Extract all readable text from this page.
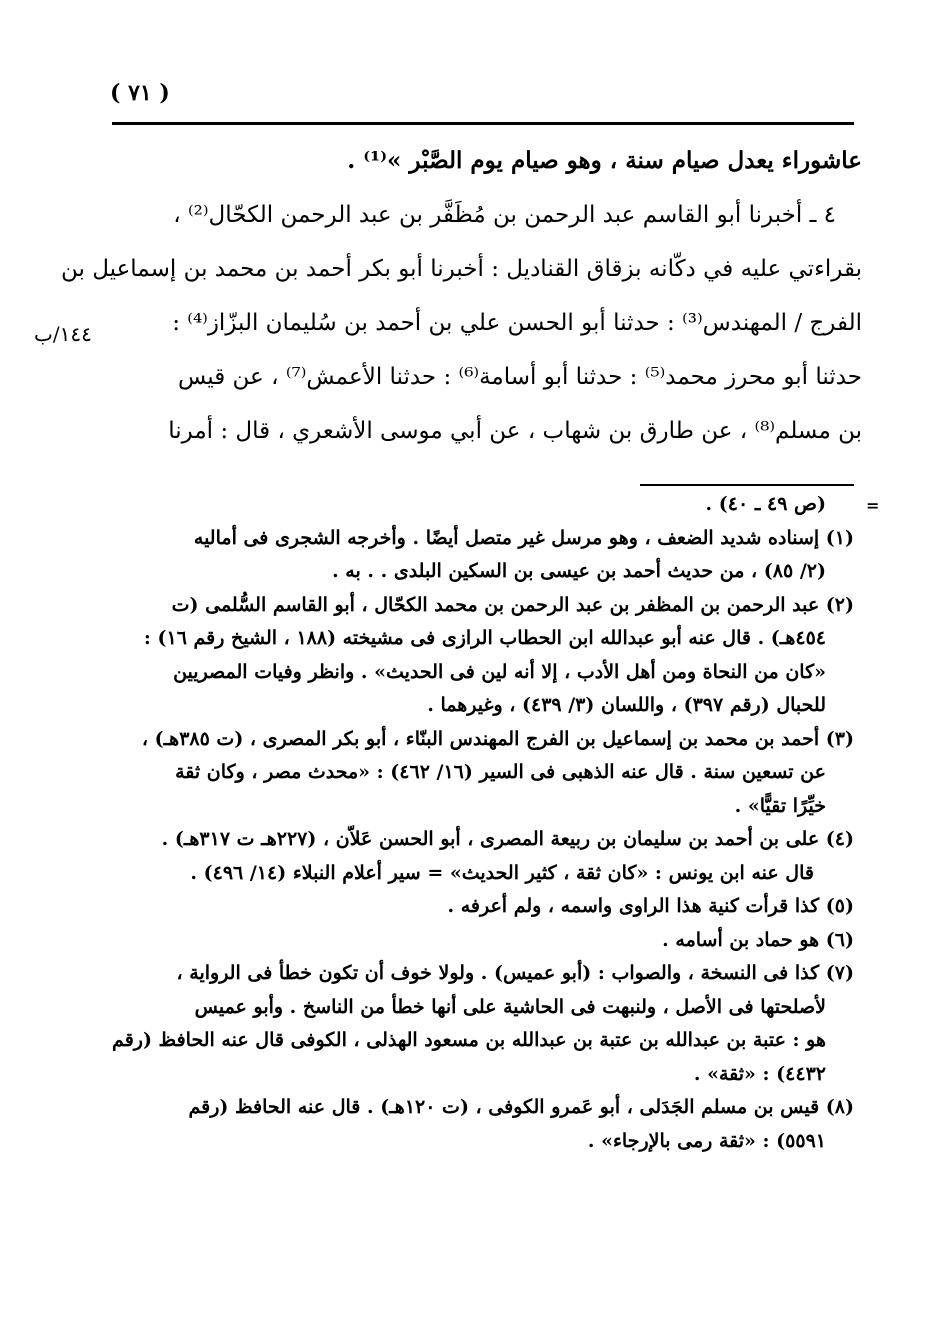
( ٧١ )
عاشوراء يعدل صيام سنة ، وهو صيام يوم الصَّبْر »⁽¹⁾ .
٤ ـ أخبرنا أبو القاسم عبد الرحمن بن مُظَفَّر بن عبد الرحمن الكحّال⁽²⁾ ،
بقراءتي عليه في دكّانه بزقاق القناديل : أخبرنا أبو بكر أحمد بن محمد بن إسماعيل بن
الفرج / المهندس⁽³⁾ : حدثنا أبو الحسن علي بن أحمد بن سُليمان البزّاز⁽⁴⁾ :
حدثنا أبو محرز محمد⁽⁵⁾ : حدثنا أبو أسامة⁽⁶⁾ : حدثنا الأعمش⁽⁷⁾ ، عن قيس
بن مسلم⁽⁸⁾ ، عن طارق بن شهاب ، عن أبي موسى الأشعري ، قال : أمرنا
١٤٤/ب
=
(ص ٤٩ ـ ٤٠) .
(١) إسناده شديد الضعف ، وهو مرسل غير متصل أيضًا . وأخرجه الشجرى فى أماليه
(٢/ ٨٥) ، من حديث أحمد بن عيسى بن السكين البلدى . . به .
(٢) عبد الرحمن بن المظفر بن عبد الرحمن بن محمد الكحّال ، أبو القاسم السُّلمى (ت
٤٥٤هـ) . قال عنه أبو عبدالله ابن الحطاب الرازى فى مشيخته (١٨٨ ، الشيخ رقم ١٦) :
«كان من النحاة ومن أهل الأدب ، إلا أنه لين فى الحديث» . وانظر وفيات المصريين
للحبال (رقم ٣٩٧) ، واللسان (٣/ ٤٣٩) ، وغيرهما .
(٣) أحمد بن محمد بن إسماعيل بن الفرج المهندس البنّاء ، أبو بكر المصرى ، (ت ٣٨٥هـ) ،
عن تسعين سنة . قال عنه الذهبى فى السير (١٦/ ٤٦٢) : «محدث مصر ، وكان ثقة
خيِّرًا تقيًّا» .
(٤) على بن أحمد بن سليمان بن ربيعة المصرى ، أبو الحسن عَلاّن ، (٢٢٧هـ ت ٣١٧هـ) .
قال عنه ابن يونس : «كان ثقة ، كثير الحديث» = سير أعلام النبلاء (١٤/ ٤٩٦) .
(٥) كذا قرأت كنية هذا الراوى واسمه ، ولم أعرفه .
(٦) هو حماد بن أسامه .
(٧) كذا فى النسخة ، والصواب : (أبو عميس) . ولولا خوف أن تكون خطأ فى الرواية ،
لأصلحتها فى الأصل ، ولنبهت فى الحاشية على أنها خطأ من الناسخ . وأبو عميس
هو : عتبة بن عبدالله بن عتبة بن عبدالله بن مسعود الهذلى ، الكوفى قال عنه الحافظ (رقم
٤٤٣٢) : «ثقة» .
(٨) قيس بن مسلم الجَدَلى ، أبو عَمرو الكوفى ، (ت ١٢٠هـ) . قال عنه الحافظ (رقم
٥٥٩١) : «ثقة رمى بالإرجاء» .
